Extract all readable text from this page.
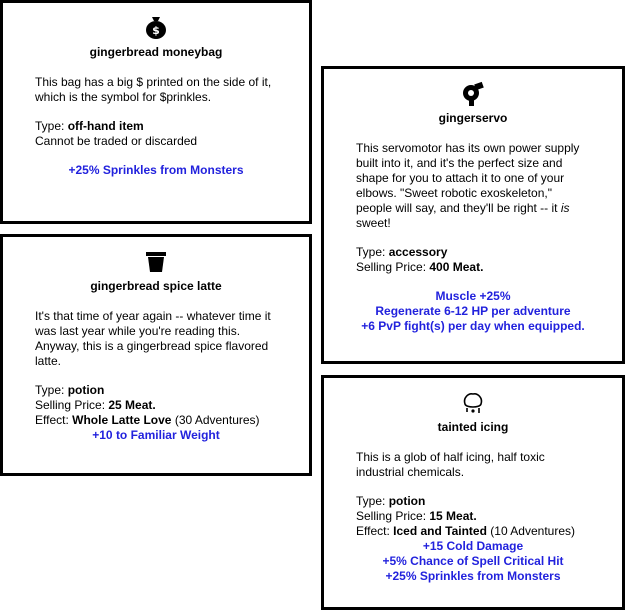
$
gingerbread moneybag
This bag has a big $ printed on the side of it, which is the symbol for $prinkles.
Type: off-hand item
Cannot be traded or discarded
+25% Sprinkles from Monsters
gingerbread spice latte
It's that time of year again -- whatever time it was last year while you're reading this. Anyway, this is a gingerbread spice flavored latte.
Type: potion
Selling Price: 25 Meat.
Effect: Whole Latte Love (30 Adventures)
+10 to Familiar Weight
gingerservo
This servomotor has its own power supply built into it, and it's the perfect size and shape for you to attach it to one of your elbows. "Sweet robotic exoskeleton," people will say, and they'll be right -- it is sweet!
Type: accessory
Selling Price: 400 Meat.
Muscle +25%
Regenerate 6-12 HP per adventure
+6 PvP fight(s) per day when equipped.
tainted icing
This is a glob of half icing, half toxic industrial chemicals.
Type: potion
Selling Price: 15 Meat.
Effect: Iced and Tainted (10 Adventures)
+15 Cold Damage
+5% Chance of Spell Critical Hit
+25% Sprinkles from Monsters
